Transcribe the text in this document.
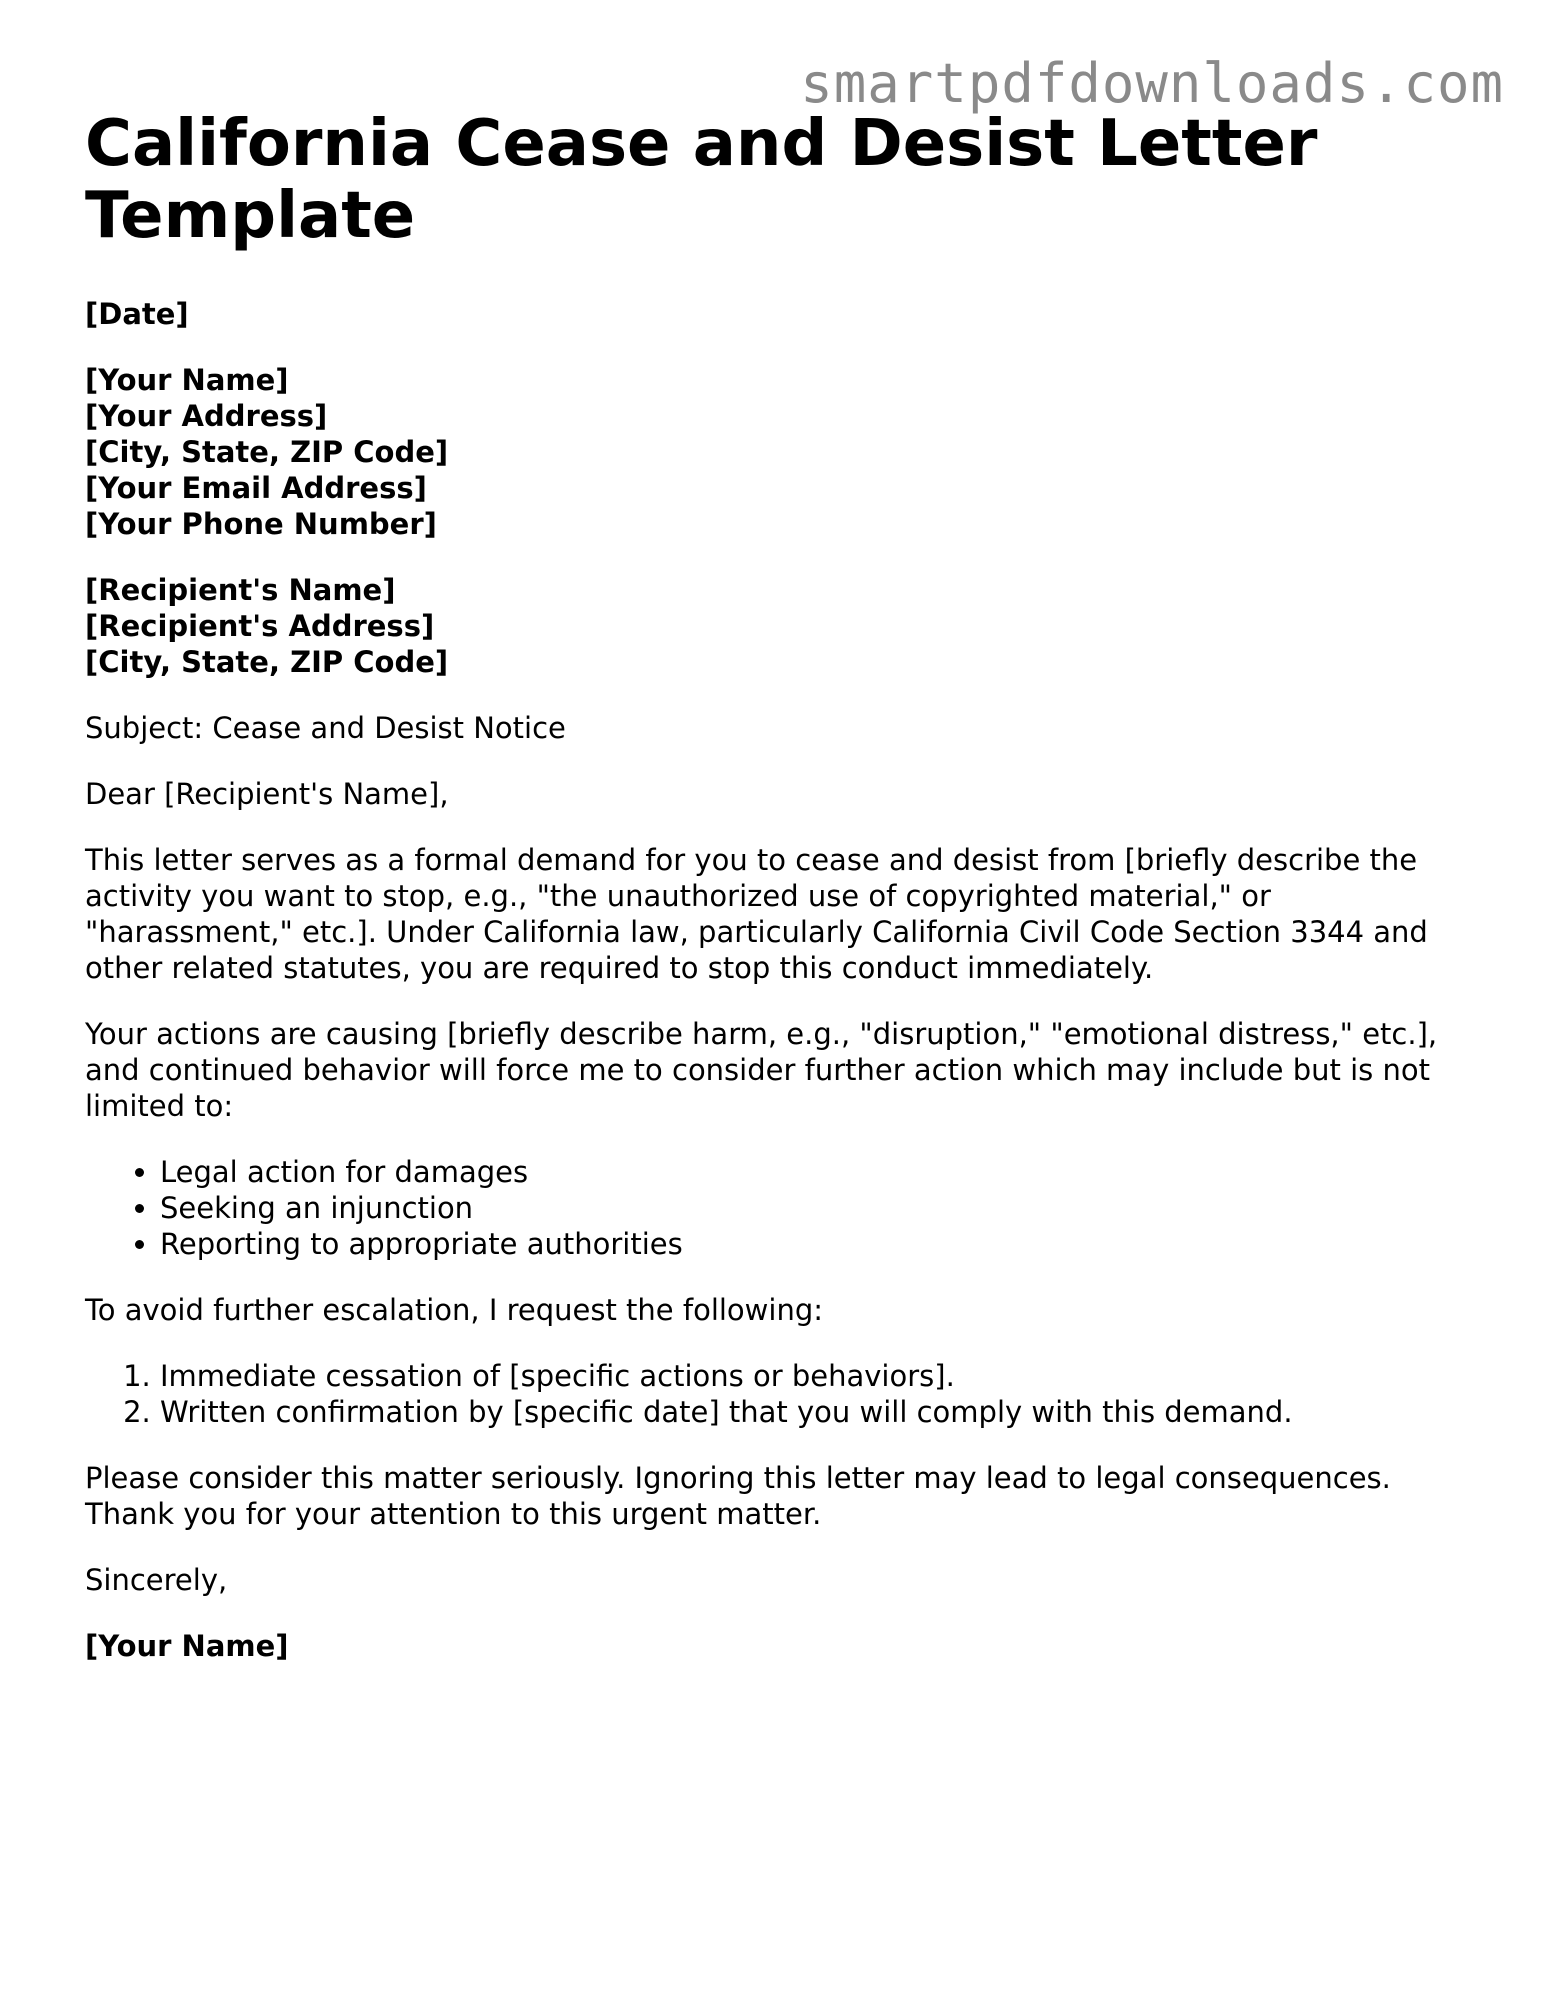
smartpdfdownloads.com
California Cease and Desist Letter Template

[Date]

[Your Name]
[Your Address]
[City, State, ZIP Code]
[Your Email Address]
[Your Phone Number]

[Recipient's Name]
[Recipient's Address]
[City, State, ZIP Code]

Subject: Cease and Desist Notice

Dear [Recipient's Name],

This letter serves as a formal demand for you to cease and desist from [briefly describe the activity you want to stop, e.g., "the unauthorized use of copyrighted material," or "harassment," etc.]. Under California law, particularly California Civil Code Section 3344 and other related statutes, you are required to stop this conduct immediately.

Your actions are causing [briefly describe harm, e.g., "disruption," "emotional distress," etc.], and continued behavior will force me to consider further action which may include but is not limited to:

• Legal action for damages
• Seeking an injunction
• Reporting to appropriate authorities

To avoid further escalation, I request the following:

1. Immediate cessation of [specific actions or behaviors].
2. Written confirmation by [specific date] that you will comply with this demand.

Please consider this matter seriously. Ignoring this letter may lead to legal consequences. Thank you for your attention to this urgent matter.

Sincerely,

[Your Name]
